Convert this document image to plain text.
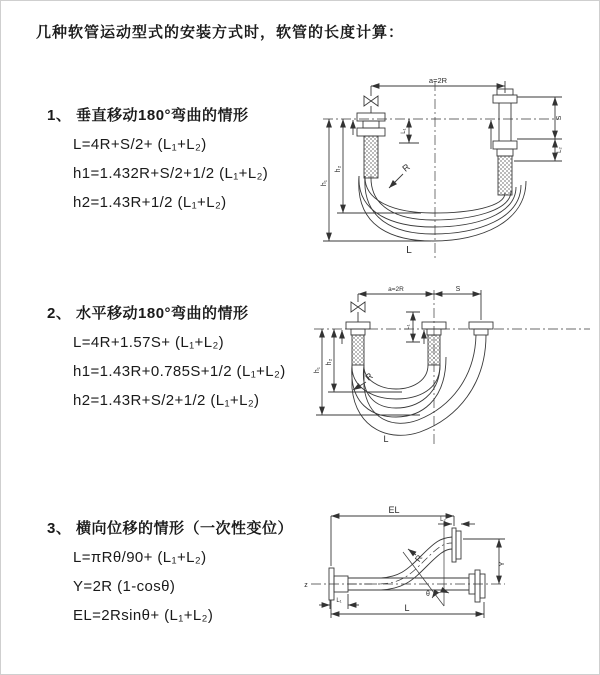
几种软管运动型式的安装方式时，软管的长度计算：
1、 垂直移动180°弯曲的情形
L=4R+S/2+ (L₁+L₂)
h1=1.432R+S/2+1/2 (L₁+L₂)
h2=1.43R+1/2 (L₁+L₂)
2、 水平移动180°弯曲的情形
L=4R+1.57S+ (L₁+L₂)
h1=1.43R+0.785S+1/2 (L₁+L₂)
h2=1.43R+S/2+1/2 (L₁+L₂)
3、 横向位移的情形（一次性变位）
L=πRθ/90+ (L₁+L₂)
Y=2R (1-cosθ)
EL=2Rsinθ+ (L₁+L₂)
a=2R
h₁
h₂
L₁
S
L₂
R
L
a=2R	S
h₁
h₂
L₁
R
L
EL
L₂
Y
R
θ
L
L₁
z
